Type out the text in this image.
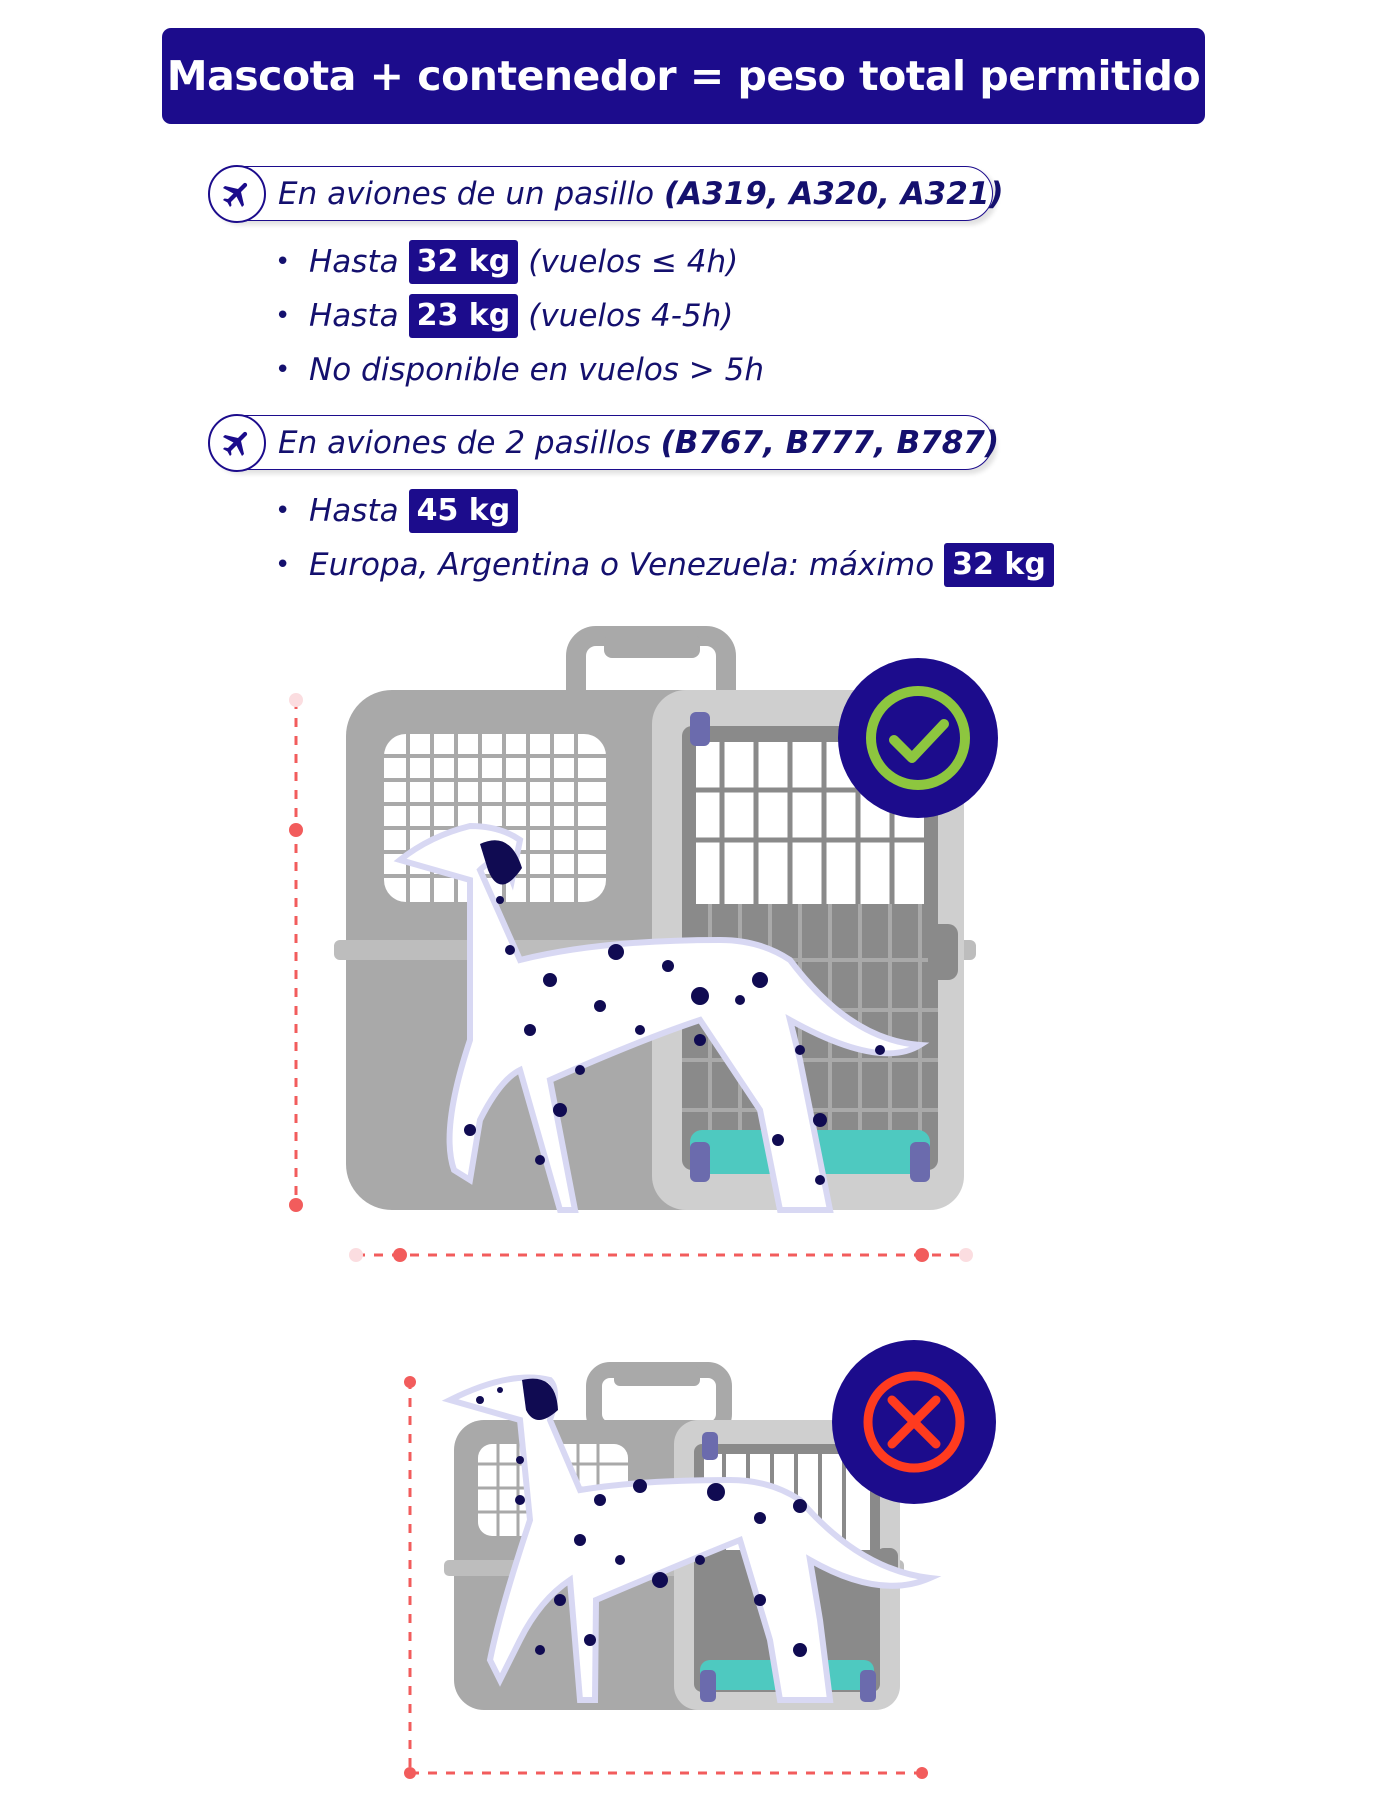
Mascota + contenedor = peso total permitido
En aviones de un pasillo (A319, A320, A321)
• Hasta 32 kg (vuelos ≤ 4h)
• Hasta 23 kg (vuelos 4-5h)
• No disponible en vuelos > 5h
En aviones de 2 pasillos (B767, B777, B787)
• Hasta 45 kg
• Europa, Argentina o Venezuela: máximo 32 kg
